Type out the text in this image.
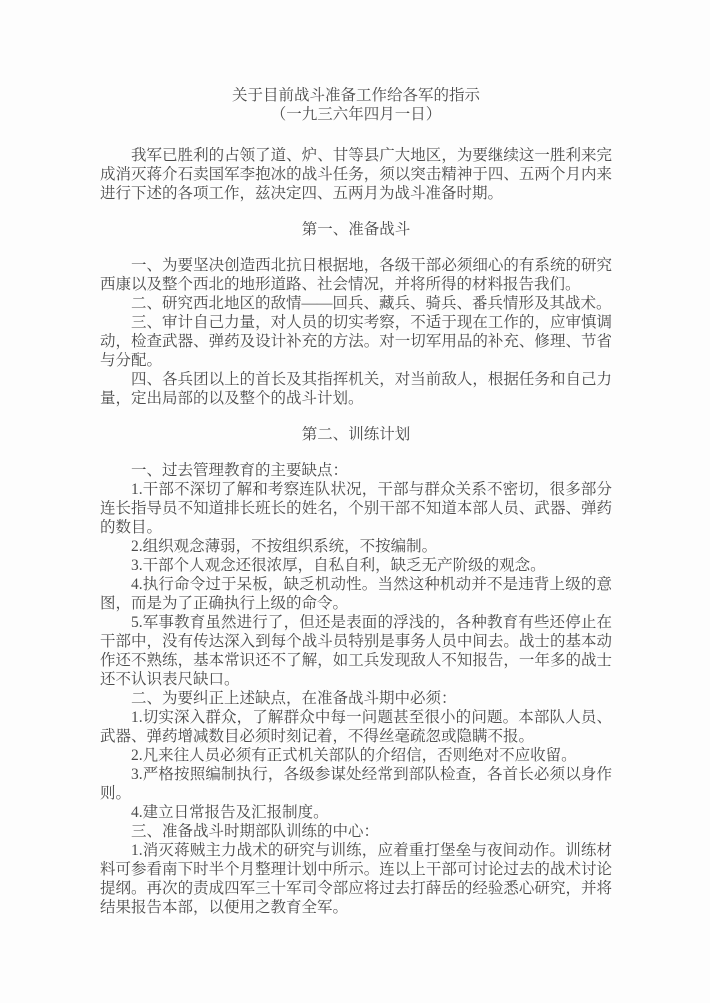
关于目前战斗准备工作给各军的指示
（一九三六年四月一日）

我军已胜利的占领了道、炉、甘等县广大地区，为要继续这一胜利来完成消灭蒋介石卖国军李抱冰的战斗任务，须以突击精神于四、五两个月内来进行下述的各项工作，兹决定四、五两月为战斗准备时期。

第一、准备战斗

一、为要坚决创造西北抗日根据地，各级干部必须细心的有系统的研究西康以及整个西北的地形道路、社会情况，并将所得的材料报告我们。

二、研究西北地区的敌情——回兵、藏兵、骑兵、番兵情形及其战术。

三、审计自己力量，对人员的切实考察，不适于现在工作的，应审慎调动，检查武器、弹药及设计补充的方法。对一切军用品的补充、修理、节省与分配。

四、各兵团以上的首长及其指挥机关，对当前敌人，根据任务和自己力量，定出局部的以及整个的战斗计划。

第二、训练计划

一、过去管理教育的主要缺点：

1.干部不深切了解和考察连队状况，干部与群众关系不密切，很多部分连长指导员不知道排长班长的姓名，个别干部不知道本部人员、武器、弹药的数目。

2.组织观念薄弱，不按组织系统，不按编制。

3.干部个人观念还很浓厚，自私自利，缺乏无产阶级的观念。

4.执行命令过于呆板，缺乏机动性。当然这种机动并不是违背上级的意图，而是为了正确执行上级的命令。

5.军事教育虽然进行了，但还是表面的浮浅的，各种教育有些还停止在干部中，没有传达深入到每个战斗员特别是事务人员中间去。战士的基本动作还不熟练，基本常识还不了解，如工兵发现敌人不知报告，一年多的战士还不认识表尺缺口。

二、为要纠正上述缺点，在准备战斗期中必须：

1.切实深入群众，了解群众中每一问题甚至很小的问题。本部队人员、武器、弹药增减数目必须时刻记着，不得丝毫疏忽或隐瞒不报。

2.凡来往人员必须有正式机关部队的介绍信，否则绝对不应收留。

3.严格按照编制执行，各级参谋处经常到部队检查，各首长必须以身作则。

4.建立日常报告及汇报制度。

三、准备战斗时期部队训练的中心：

1.消灭蒋贼主力战术的研究与训练，应着重打堡垒与夜间动作。训练材料可参看南下时半个月整理计划中所示。连以上干部可讨论过去的战术讨论提纲。再次的责成四军三十军司令部应将过去打薛岳的经验悉心研究，并将结果报告本部，以便用之教育全军。
